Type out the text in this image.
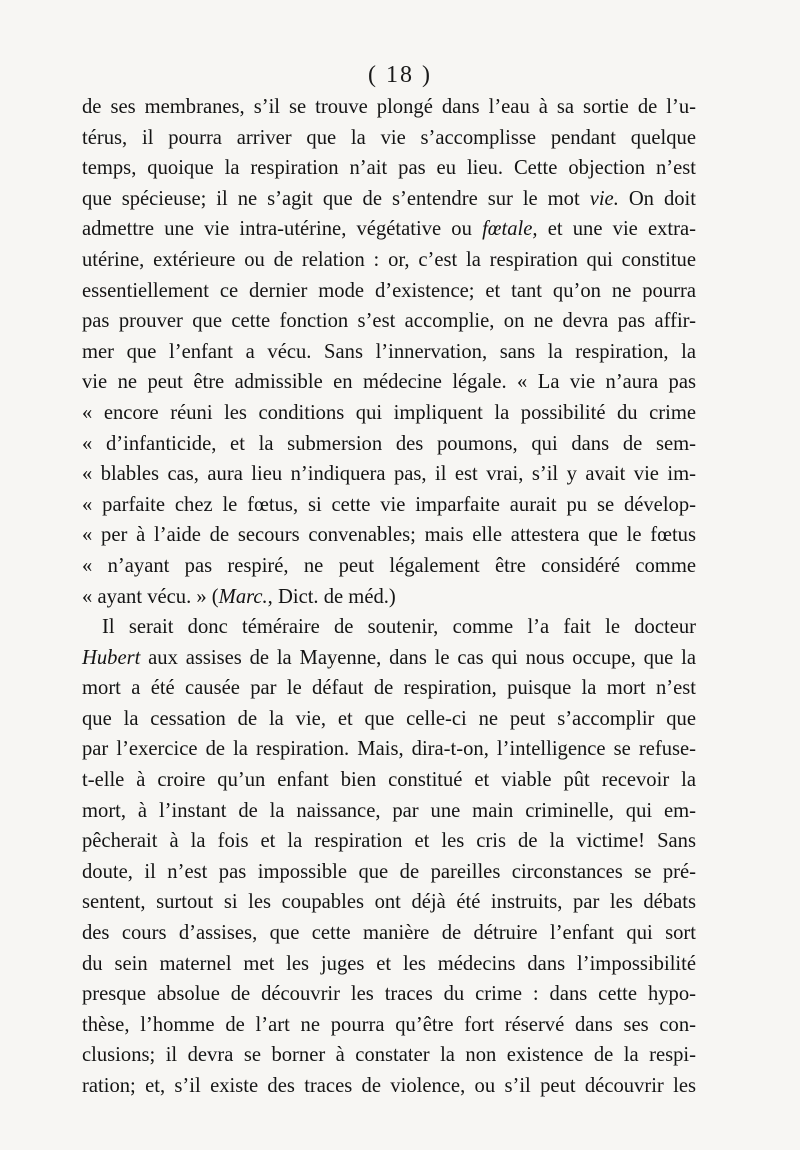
( 18 )
de ses membranes, s’il se trouve plongé dans l’eau à sa sortie de l’u-
térus, il pourra arriver que la vie s’accomplisse pendant quelque
temps, quoique la respiration n’ait pas eu lieu. Cette objection n’est
que spécieuse; il ne s’agit que de s’entendre sur le mot vie. On doit
admettre une vie intra-utérine, végétative ou fœtale, et une vie extra-
utérine, extérieure ou de relation : or, c’est la respiration qui constitue
essentiellement ce dernier mode d’existence; et tant qu’on ne pourra
pas prouver que cette fonction s’est accomplie, on ne devra pas affir-
mer que l’enfant a vécu. Sans l’innervation, sans la respiration, la
vie ne peut être admissible en médecine légale. « La vie n’aura pas
« encore réuni les conditions qui impliquent la possibilité du crime
« d’infanticide, et la submersion des poumons, qui dans de sem-
« blables cas, aura lieu n’indiquera pas, il est vrai, s’il y avait vie im-
« parfaite chez le fœtus, si cette vie imparfaite aurait pu se dévelop-
« per à l’aide de secours convenables; mais elle attestera que le fœtus
« n’ayant pas respiré, ne peut légalement être considéré comme
« ayant vécu. » (Marc., Dict. de méd.)
Il serait donc téméraire de soutenir, comme l’a fait le docteur
Hubert aux assises de la Mayenne, dans le cas qui nous occupe, que la
mort a été causée par le défaut de respiration, puisque la mort n’est
que la cessation de la vie, et que celle-ci ne peut s’accomplir que
par l’exercice de la respiration. Mais, dira-t-on, l’intelligence se refuse-
t-elle à croire qu’un enfant bien constitué et viable pût recevoir la
mort, à l’instant de la naissance, par une main criminelle, qui em-
pêcherait à la fois et la respiration et les cris de la victime! Sans
doute, il n’est pas impossible que de pareilles circonstances se pré-
sentent, surtout si les coupables ont déjà été instruits, par les débats
des cours d’assises, que cette manière de détruire l’enfant qui sort
du sein maternel met les juges et les médecins dans l’impossibilité
presque absolue de découvrir les traces du crime : dans cette hypo-
thèse, l’homme de l’art ne pourra qu’être fort réservé dans ses con-
clusions; il devra se borner à constater la non existence de la respi-
ration; et, s’il existe des traces de violence, ou s’il peut découvrir les
